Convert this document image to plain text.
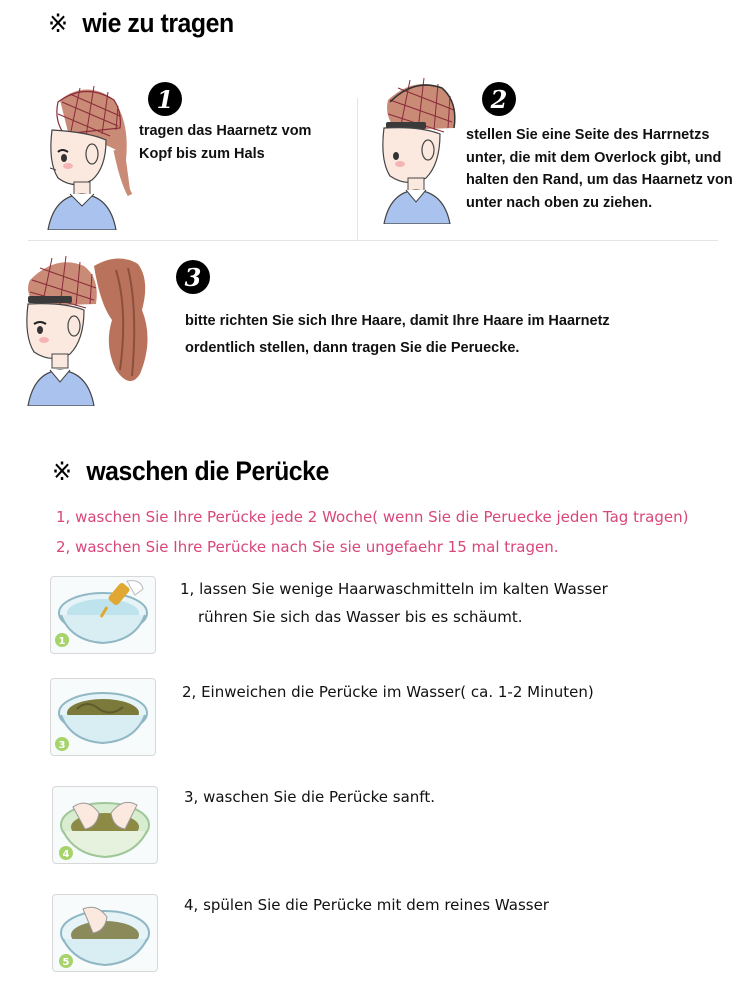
※ wie zu tragen
1
tragen das Haarnetz vom Kopf bis zum Hals
2
stellen Sie eine Seite des Harrnetzs unter, die mit dem Overlock gibt, und halten den Rand, um das Haarnetz von unter nach oben zu ziehen.
3
bitte richten Sie sich Ihre Haare, damit Ihre Haare im Haarnetz ordentlich stellen, dann tragen Sie die Peruecke.
※ waschen die Perücke
1, waschen Sie Ihre Perücke jede 2 Woche( wenn Sie die Peruecke jeden Tag tragen)
2, waschen Sie Ihre Perücke nach Sie sie ungefaehr 15 mal tragen.
1
1, lassen Sie wenige Haarwaschmitteln im kalten Wasser
rühren Sie sich das Wasser bis es schäumt.
3
2, Einweichen die Perücke im Wasser( ca. 1-2 Minuten)
4
3, waschen Sie die Perücke sanft.
5
4, spülen Sie die Perücke mit dem reines Wasser
